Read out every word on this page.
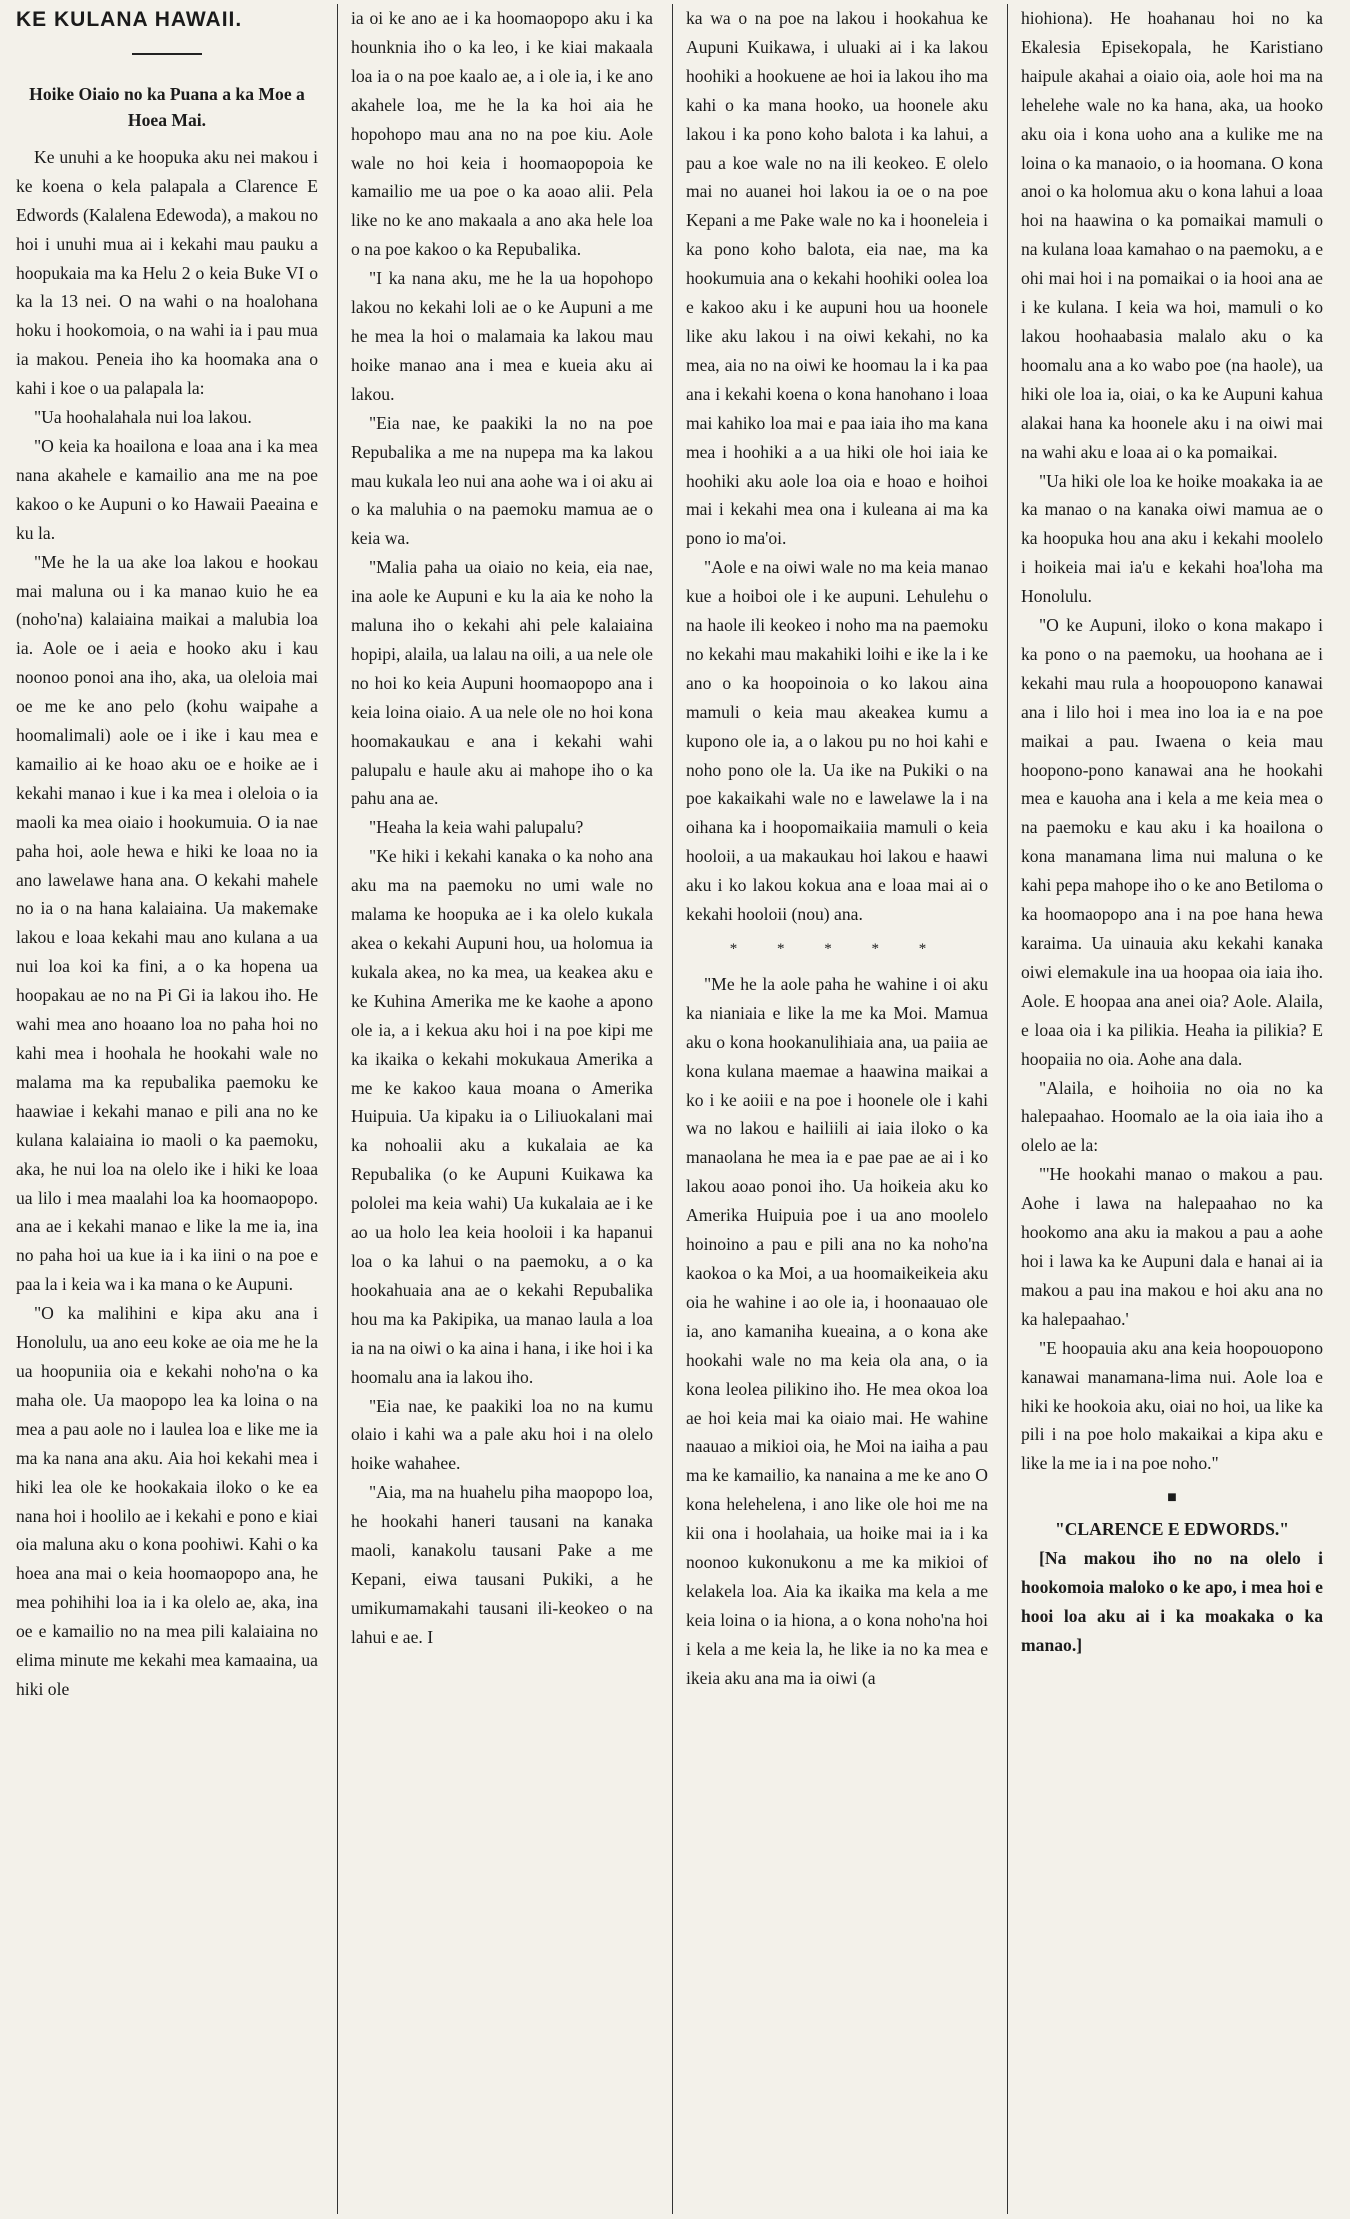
KE KULANA HAWAII.
Hoike Oiaio no ka Puana a ka Moe a Hoea Mai.

Ke unuhi a ke hoopuka aku nei makou i ke koena o kela palapala a Clarence E Edwords (Kalalena Edewoda), a makou no hoi i unuhi mua ai i kekahi mau pauku a hoopukaia ma ka Helu 2 o keia Buke VI o ka la 13 nei. O na wahi o na hoalohana hoku i hookomoia, o na wahi ia i pau mua ia makou. Peneia iho ka hoomaka ana o kahi i koe o ua palapala la:

"Ua hoohalahala nui loa lakou.

"O keia ka hoailona e loaa ana i ka mea nana akahele e kamailio ana me na poe kakoo o ke Aupuni o ko Hawaii Paeaina e ku la.

"Me he la ua ake loa lakou e hookau mai maluna ou i ka manao kuio he ea (noho'na) kalaiaina maikai a malubia loa ia. Aole oe i aeia e hooko aku i kau noonoo ponoi ana iho, aka, ua oleloia mai oe me ke ano pelo (kohu waipahe a hoomalimali) aole oe i ike i kau mea e kamailio ai ke hoao aku oe e hoike ae i kekahi manao i kue i ka mea i oleloia o ia maoli ka mea oiaio i hookumuia. O ia nae paha hoi, aole hewa e hiki ke loaa no ia ano lawelawe hana ana. O kekahi mahele no ia o na hana kalaiaina. Ua makemake lakou e loaa kekahi mau ano kulana a ua nui loa koi ka fini, a o ka hopena ua hoopakau ae no na Pi Gi ia lakou iho. He wahi mea ano hoaano loa no paha hoi no kahi mea i hoohala he hookahi wale no malama ma ka repubalika paemoku ke haawiae i kekahi manao e pili ana no ke kulana kalaiaina io maoli o ka paemoku, aka, he nui loa na olelo ike i hiki ke loaa ua lilo i mea maalahi loa ka hoomaopopo. ana ae i kekahi manao e like la me ia, ina no paha hoi ua kue ia i ka iini o na poe e paa la i keia wa i ka mana o ke Aupuni.

"O ka malihini e kipa aku ana i Honolulu, ua ano eeu koke ae oia me he la ua hoopuniia oia e kekahi noho'na o ka maha ole. Ua maopopo lea ka loina o na mea a pau aole no i laulea loa e like me ia ma ka nana ana aku. Aia hoi kekahi mea i hiki lea ole ke hookakaia iloko o ke ea nana hoi i hoolilo ae i kekahi e pono e kiai oia maluna aku o kona poohiwi. Kahi o ka hoea ana mai o keia hoomaopopo ana, he mea pohihihi loa ia i ka olelo ae, aka, ina oe e kamailio no na mea pili kalaiaina no elima minute me kekahi mea kamaaina, ua hiki ole

ia oi ke ano ae i ka hoomaopopo aku i ka hounknia iho o ka leo, i ke kiai makaala loa ia o na poe kaalo ae, a i ole ia, i ke ano akahele loa, me he la ka hoi aia he hopohopo mau ana no na poe kiu. Aole wale no hoi keia i hoomaopopoia ke kamailio me ua poe o ka aoao alii. Pela like no ke ano makaala a ano aka hele loa o na poe kakoo o ka Repubalika.

"I ka nana aku, me he la ua hopohopo lakou no kekahi loli ae o ke Aupuni a me he mea la hoi o malamaia ka lakou mau hoike manao ana i mea e kueia aku ai lakou.

"Eia nae, ke paakiki la no na poe Repubalika a me na nupepa ma ka lakou mau kukala leo nui ana aohe wa i oi aku ai o ka maluhia o na paemoku mamua ae o keia wa.

"Malia paha ua oiaio no keia, eia nae, ina aole ke Aupuni e ku la aia ke noho la maluna iho o kekahi ahi pele kalaiaina hopipi, alaila, ua lalau na oili, a ua nele ole no hoi ko keia Aupuni hoomaopopo ana i keia loina oiaio. A ua nele ole no hoi kona hoomakaukau e ana i kekahi wahi palupalu e haule aku ai mahope iho o ka pahu ana ae.

"Heaha la keia wahi palupalu?

"Ke hiki i kekahi kanaka o ka noho ana aku ma na paemoku no umi wale no malama ke hoopuka ae i ka olelo kukala akea o kekahi Aupuni hou, ua holomua ia kukala akea, no ka mea, ua keakea aku e ke Kuhina Amerika me ke kaohe a apono ole ia, a i kekua aku hoi i na poe kipi me ka ikaika o kekahi mokukaua Amerika a me ke kakoo kaua moana o Amerika Huipuia. Ua kipaku ia o Liliuokalani mai ka nohoalii aku a kukalaia ae ka Repubalika (o ke Aupuni Kuikawa ka pololei ma keia wahi) Ua kukalaia ae i ke ao ua holo lea keia hooloii i ka hapanui loa o ka lahui o na paemoku, a o ka hookahuaia ana ae o kekahi Repubalika hou ma ka Pakipika, ua manao laula a loa ia na na oiwi o ka aina i hana, i ike hoi i ka hoomalu ana ia lakou iho.

"Eia nae, ke paakiki loa no na kumu olaio i kahi wa a pale aku hoi i na olelo hoike wahahee.

"Aia, ma na huahelu piha maopopo loa, he hookahi haneri tausani na kanaka maoli, kanakolu tausani Pake a me Kepani, eiwa tausani Pukiki, a he umikumamakahi tausani ili-keokeo o na lahui e ae. I

ka wa o na poe na lakou i hookahua ke Aupuni Kuikawa, i uluaki ai i ka lakou hoohiki a hookuene ae hoi ia lakou iho ma kahi o ka mana hooko, ua hoonele aku lakou i ka pono koho balota i ka lahui, a pau a koe wale no na ili keokeo. E olelo mai no auanei hoi lakou ia oe o na poe Kepani a me Pake wale no ka i hooneleia i ka pono koho balota, eia nae, ma ka hookumuia ana o kekahi hoohiki oolea loa e kakoo aku i ke aupuni hou ua hoonele like aku lakou i na oiwi kekahi, no ka mea, aia no na oiwi ke hoomau la i ka paa ana i kekahi koena o kona hanohano i loaa mai kahiko loa mai e paa iaia iho ma kana mea i hoohiki a a ua hiki ole hoi iaia ke hoohiki aku aole loa oia e hoao e hoihoi mai i kekahi mea ona i kuleana ai ma ka pono io ma'oi.

"Aole e na oiwi wale no ma keia manao kue a hoiboi ole i ke aupuni. Lehulehu o na haole ili keokeo i noho ma na paemoku no kekahi mau makahiki loihi e ike la i ke ano o ka hoopoinoia o ko lakou aina mamuli o keia mau akeakea kumu a kupono ole ia, a o lakou pu no hoi kahi e noho pono ole la. Ua ike na Pukiki o na poe kakaikahi wale no e lawelawe la i na oihana ka i hoopomaikaiia mamuli o keia hooloii, a ua makaukau hoi lakou e haawi aku i ko lakou kokua ana e loaa mai ai o kekahi hooloii (nou) ana.

* * * * *

"Me he la aole paha he wahine i oi aku ka nianiaia e like la me ka Moi. Mamua aku o kona hookanulihiaia ana, ua paiia ae kona kulana maemae a haawina maikai a ko i ke aoiii e na poe i hoonele ole i kahi wa no lakou e hailiili ai iaia iloko o ka manaolana he mea ia e pae pae ae ai i ko lakou aoao ponoi iho. Ua hoikeia aku ko Amerika Huipuia poe i ua ano moolelo hoinoino a pau e pili ana no ka noho'na kaokoa o ka Moi, a ua hoomaikeikeia aku oia he wahine i ao ole ia, i hoonaauao ole ia, ano kamaniha kueaina, a o kona ake hookahi wale no ma keia ola ana, o ia kona leolea pilikino iho. He mea okoa loa ae hoi keia mai ka oiaio mai. He wahine naauao a mikioi oia, he Moi na iaiha a pau ma ke kamailio, ka nanaina a me ke ano O kona helehelena, i ano like ole hoi me na kii ona i hoolahaia, ua hoike mai ia i ka noonoo kukonukonu a me ka mikioi of kelakela loa. Aia ka ikaika ma kela a me keia loina o ia hiona, a o kona noho'na hoi i kela a me keia la, he like ia no ka mea e ikeia aku ana ma ia oiwi (a

hiohiona). He hoahanau hoi no ka Ekalesia Episekopala, he Karistiano haipule akahai a oiaio oia, aole hoi ma na lehelehe wale no ka hana, aka, ua hooko aku oia i kona uoho ana a kulike me na loina o ka manaoio, o ia hoomana. O kona anoi o ka holomua aku o kona lahui a loaa hoi na haawina o ka pomaikai mamuli o na kulana loaa kamahao o na paemoku, a e ohi mai hoi i na pomaikai o ia hooi ana ae i ke kulana. I keia wa hoi, mamuli o ko lakou hoohaabasia malalo aku o ka hoomalu ana a ko wabo poe (na haole), ua hiki ole loa ia, oiai, o ka ke Aupuni kahua alakai hana ka hoonele aku i na oiwi mai na wahi aku e loaa ai o ka pomaikai.

"Ua hiki ole loa ke hoike moakaka ia ae ka manao o na kanaka oiwi mamua ae o ka hoopuka hou ana aku i kekahi moolelo i hoikeia mai ia'u e kekahi hoa'loha ma Honolulu.

"O ke Aupuni, iloko o kona makapo i ka pono o na paemoku, ua hoohana ae i kekahi mau rula a hoopouopono kanawai ana i lilo hoi i mea ino loa ia e na poe maikai a pau. Iwaena o keia mau hoopono-pono kanawai ana he hookahi mea e kauoha ana i kela a me keia mea o na paemoku e kau aku i ka hoailona o kona manamana lima nui maluna o ke kahi pepa mahope iho o ke ano Betiloma o ka hoomaopopo ana i na poe hana hewa karaima. Ua uinauia aku kekahi kanaka oiwi elemakule ina ua hoopaa oia iaia iho. Aole. E hoopaa ana anei oia? Aole. Alaila, e loaa oia i ka pilikia. Heaha ia pilikia? E hoopaiia no oia. Aohe ana dala.

"Alaila, e hoihoiia no oia no ka halepaahao. Hoomalo ae la oia iaia iho a olelo ae la:

"'He hookahi manao o makou a pau. Aohe i lawa na halepaahao no ka hookomo ana aku ia makou a pau a aohe hoi i lawa ka ke Aupuni dala e hanai ai ia makou a pau ina makou e hoi aku ana no ka halepaahao.'

"E hoopauia aku ana keia hoopouopono kanawai manamana-lima nui. Aole loa e hiki ke hookoia aku, oiai no hoi, ua like ka pili i na poe holo makaikai a kipa aku e like la me ia i na poe noho."

■

"CLARENCE E EDWORDS."

[Na makou iho no na olelo i hookomoia maloko o ke apo, i mea hoi e hooi loa aku ai i ka moakaka o ka manao.]
